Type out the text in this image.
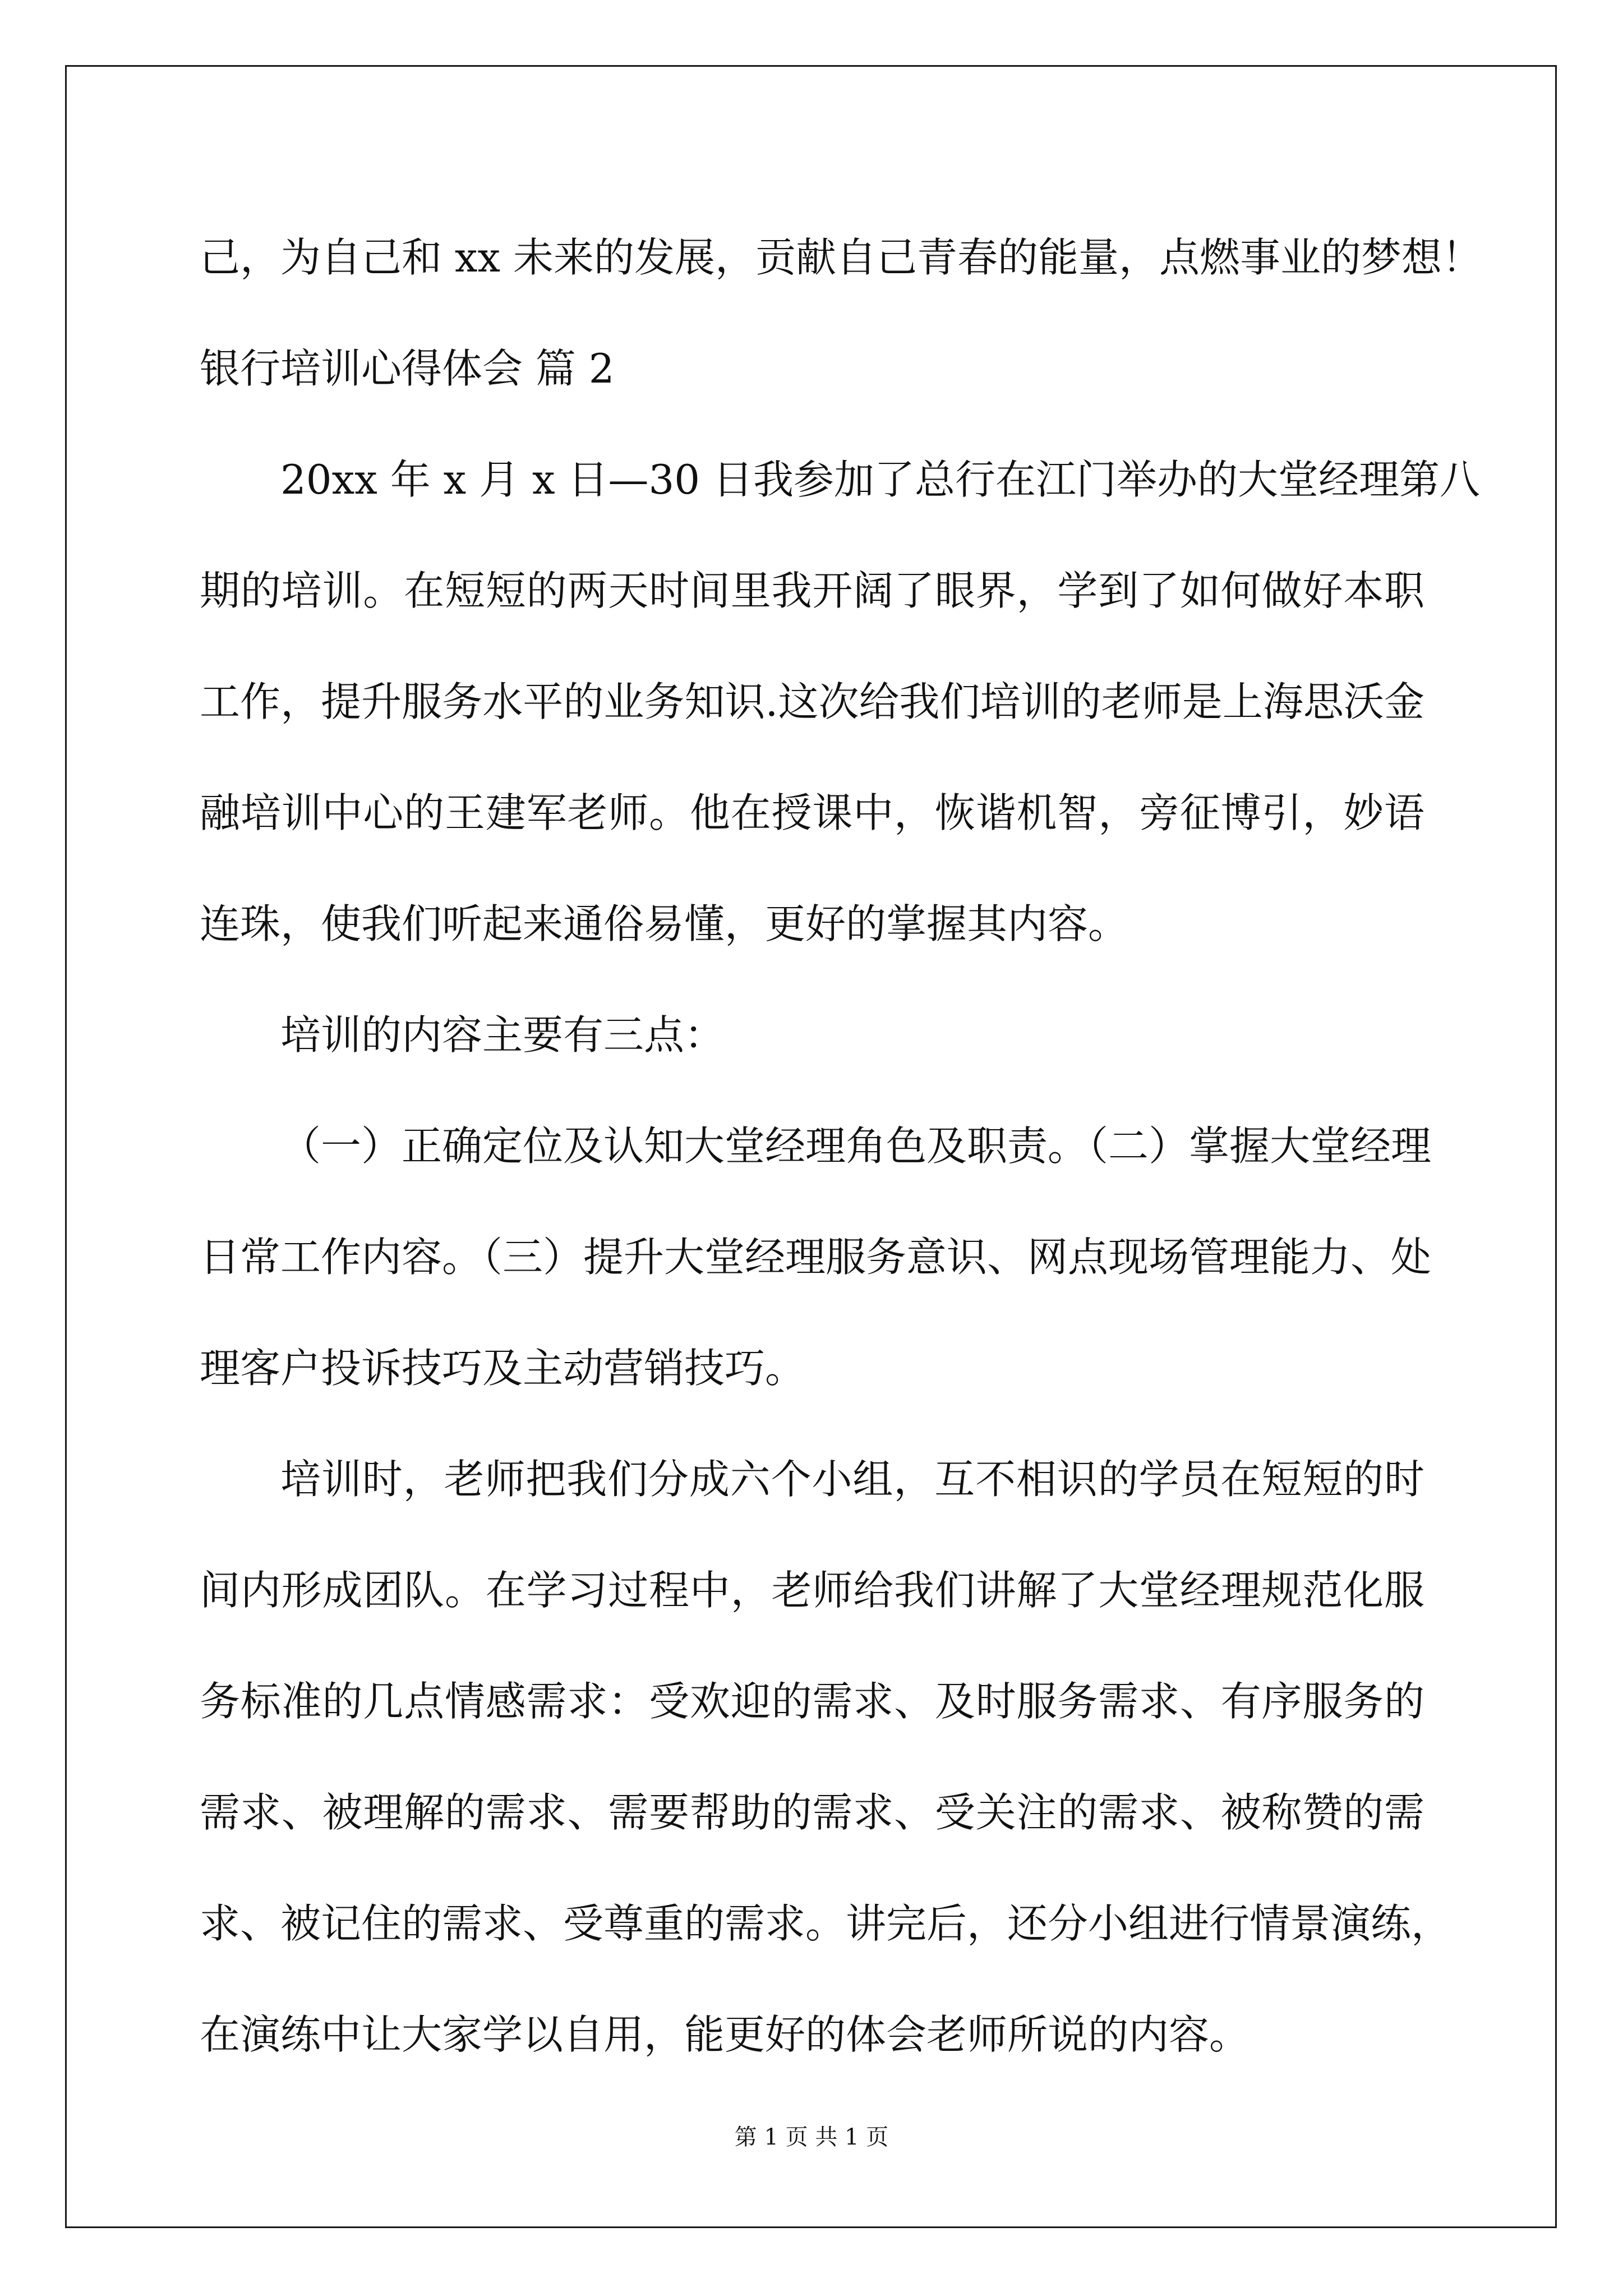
己，为自己和 xx 未来的发展，贡献自己青春的能量，点燃事业的梦想！
银行培训心得体会 篇 2
20xx 年 x 月 x 日—30 日我参加了总行在江门举办的大堂经理第八
期的培训。在短短的两天时间里我开阔了眼界，学到了如何做好本职
工作，提升服务水平的业务知识.这次给我们培训的老师是上海思沃金
融培训中心的王建军老师。他在授课中，恢谐机智，旁征博引，妙语
连珠，使我们听起来通俗易懂，更好的掌握其内容。
培训的内容主要有三点：
（一）正确定位及认知大堂经理角色及职责。（二）掌握大堂经理
日常工作内容。（三）提升大堂经理服务意识、网点现场管理能力、处
理客户投诉技巧及主动营销技巧。
培训时，老师把我们分成六个小组，互不相识的学员在短短的时
间内形成团队。在学习过程中，老师给我们讲解了大堂经理规范化服
务标准的几点情感需求：受欢迎的需求、及时服务需求、有序服务的
需求、被理解的需求、需要帮助的需求、受关注的需求、被称赞的需
求、被记住的需求、受尊重的需求。讲完后，还分小组进行情景演练，
在演练中让大家学以自用，能更好的体会老师所说的内容。
第 1 页 共 1 页
